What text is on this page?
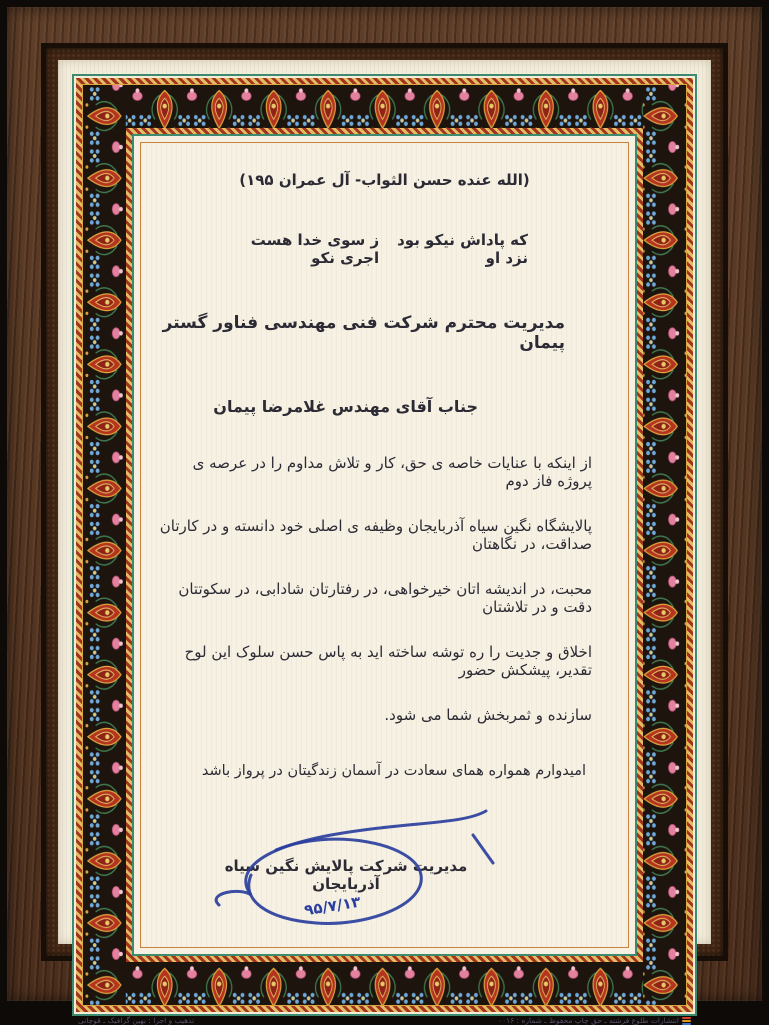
(الله عنده حسن الثواب- آل عمران ۱۹۵)
که پاداش نیکو بود نزد او
ز سوی خدا هست اجری نکو
مدیریت محترم شرکت فنی مهندسی فناور گستر پیمان
جناب آقای مهندس غلامرضا پیمان
از اینکه با عنایات خاصه ی حق، کار و تلاش مداوم را در عرصه ی پروژه فاز دوم
پالایشگاه نگین سیاه آذربایجان وظیفه ی اصلی خود دانسته و در کارتان صداقت، در نگاهتان
محبت، در اندیشه اتان خیرخواهی، در رفتارتان شادابی، در سکوتتان دقت و در تلاشتان
اخلاق و جدیت را ره توشه ساخته اید به پاس حسن سلوک این لوح تقدیر، پیشکش حضور
سازنده و ثمربخش شما می شود.
امیدوارم همواره همای سعادت در آسمان زندگیتان در پرواز باشد
مدیریت شرکت پالایش نگین سیاه آذربایجان
۹۵/۷/۱۳
انتشارات طلوع فرشته ـ حق چاپ محفوظ ـ شماره : ۰۰۱۶
تذهیب و اجرا : بهین گرافیک ـ قوچانی
